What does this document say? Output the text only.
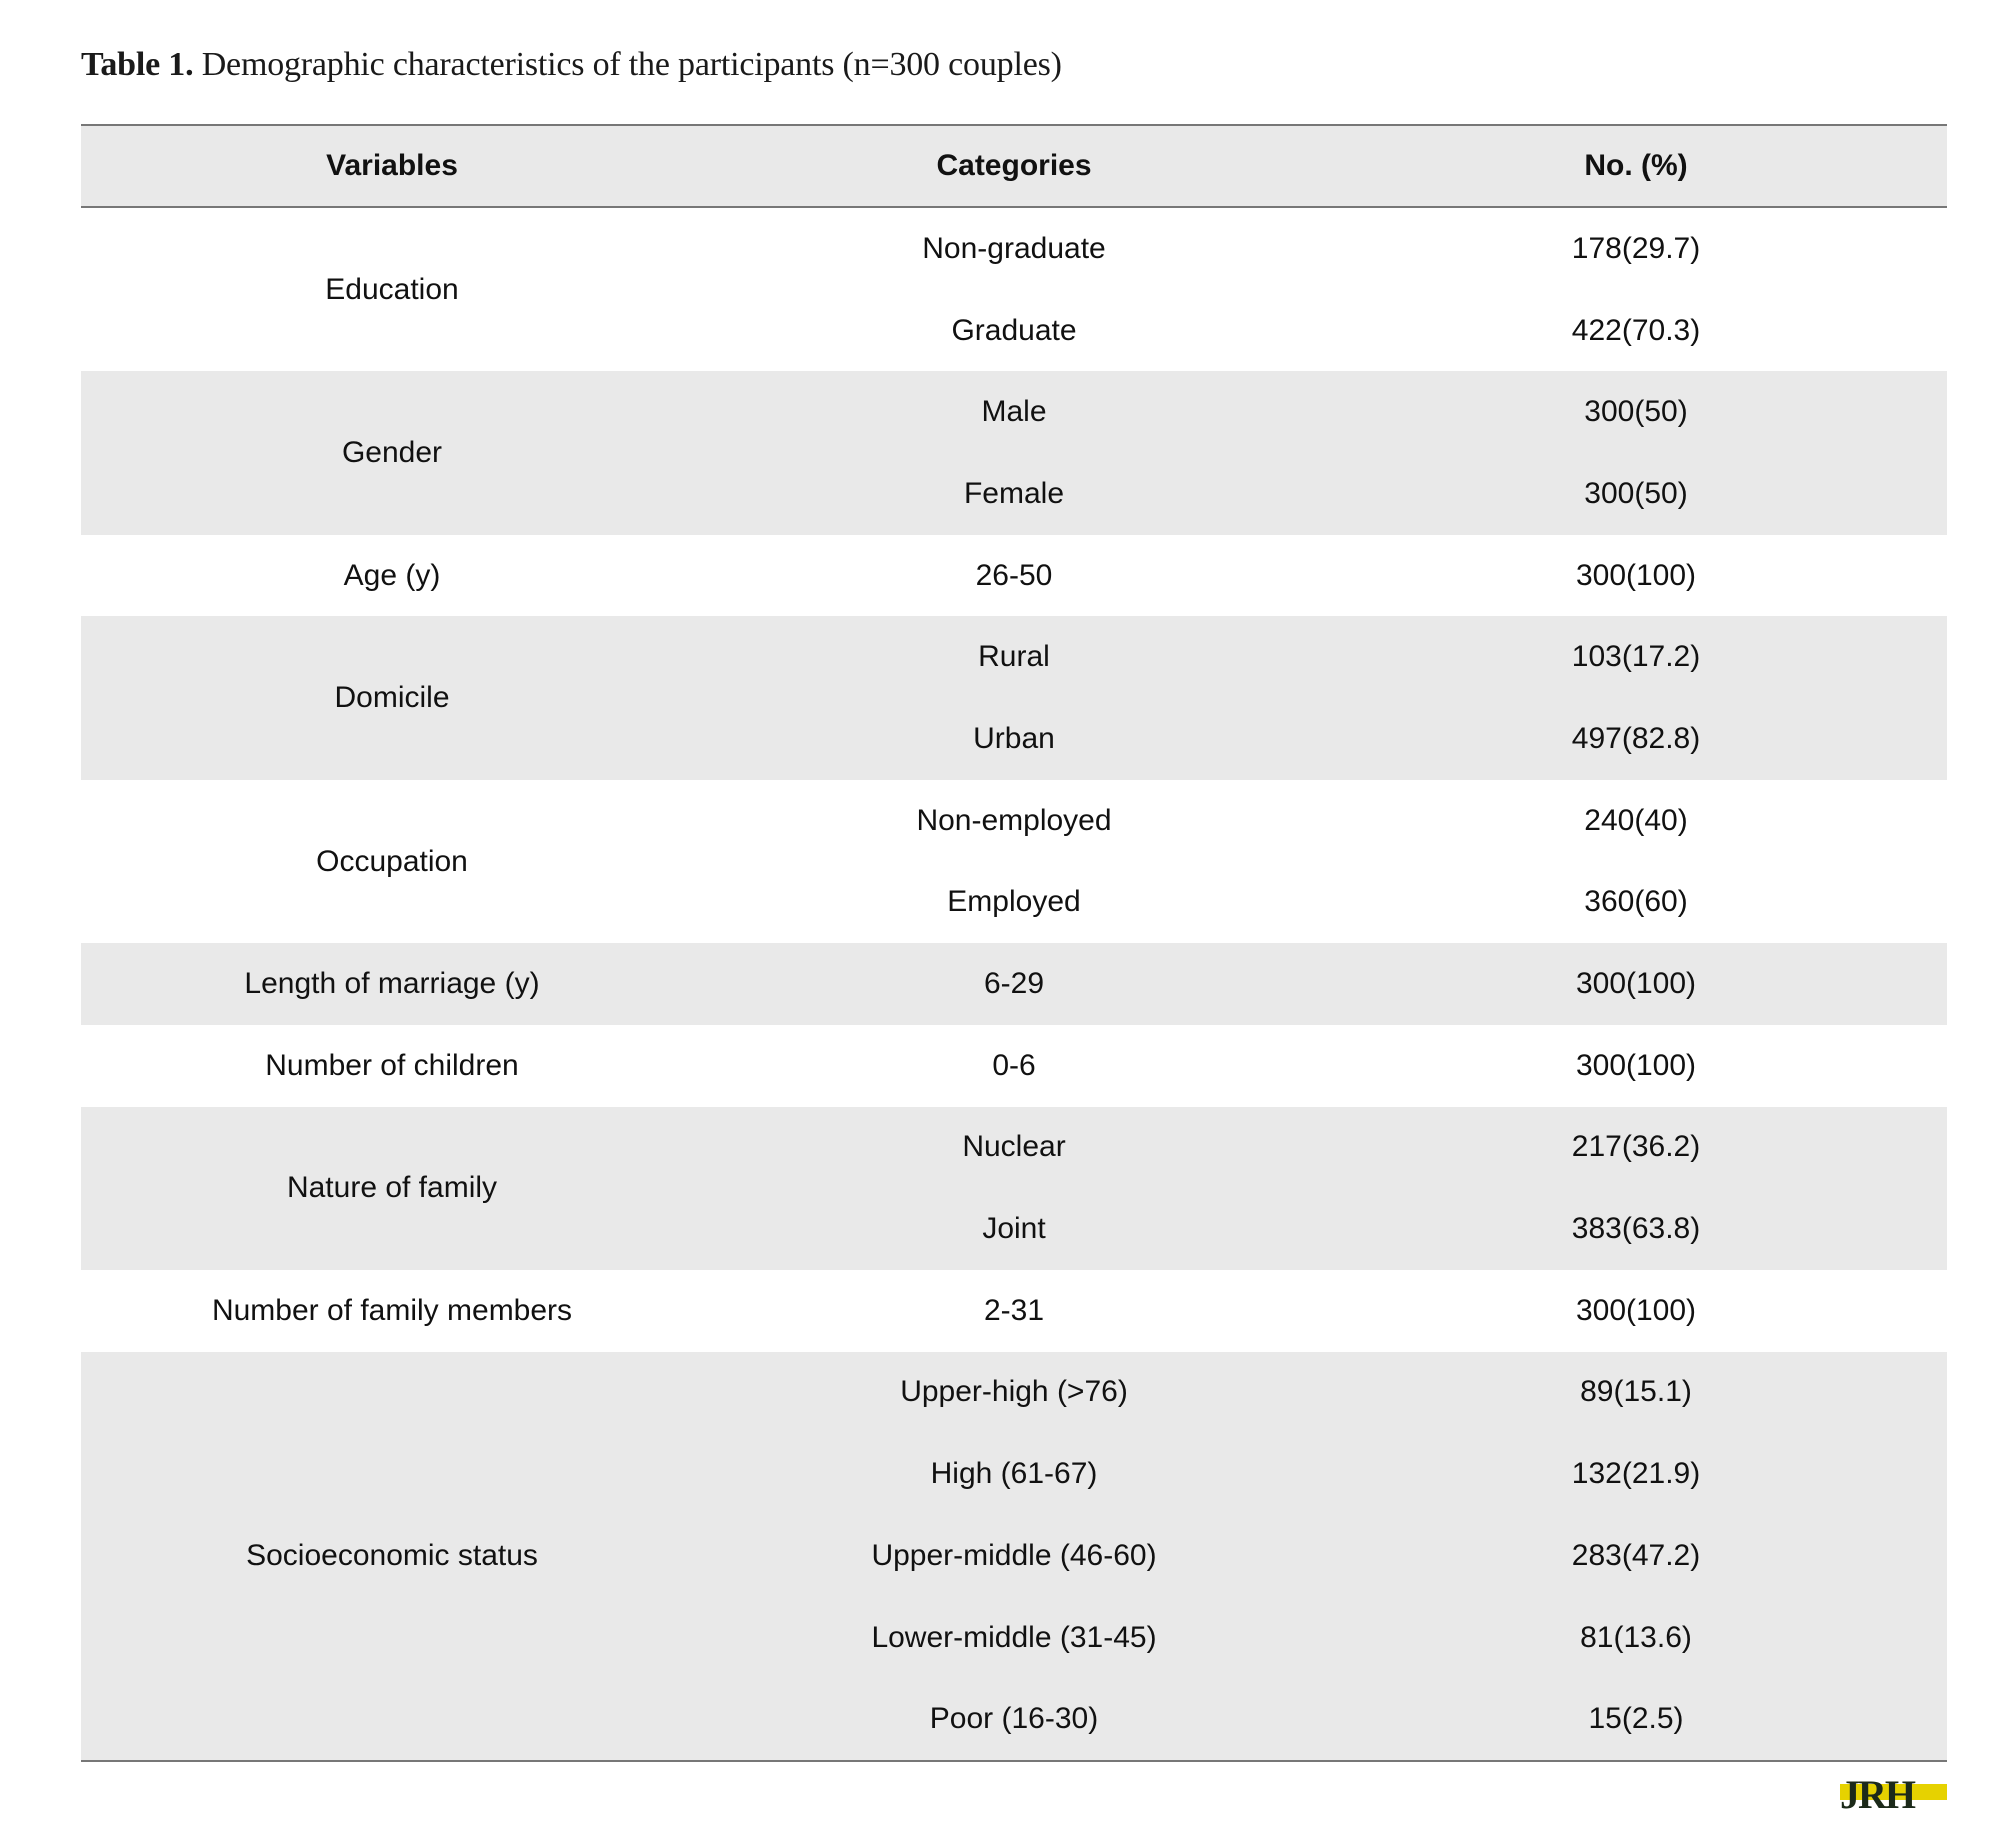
Table 1. Demographic characteristics of the participants (n=300 couples)
Variables	Categories	No. (%)
Education	Non-graduate	178(29.7)
	Graduate	422(70.3)
Gender	Male	300(50)
	Female	300(50)
Age (y)	26-50	300(100)
Domicile	Rural	103(17.2)
	Urban	497(82.8)
Occupation	Non-employed	240(40)
	Employed	360(60)
Length of marriage (y)	6-29	300(100)
Number of children	0-6	300(100)
Nature of family	Nuclear	217(36.2)
	Joint	383(63.8)
Number of family members	2-31	300(100)
Socioeconomic status	Upper-high (>76)	89(15.1)
	High (61-67)	132(21.9)
	Upper-middle (46-60)	283(47.2)
	Lower-middle (31-45)	81(13.6)
	Poor (16-30)	15(2.5)
JRH
